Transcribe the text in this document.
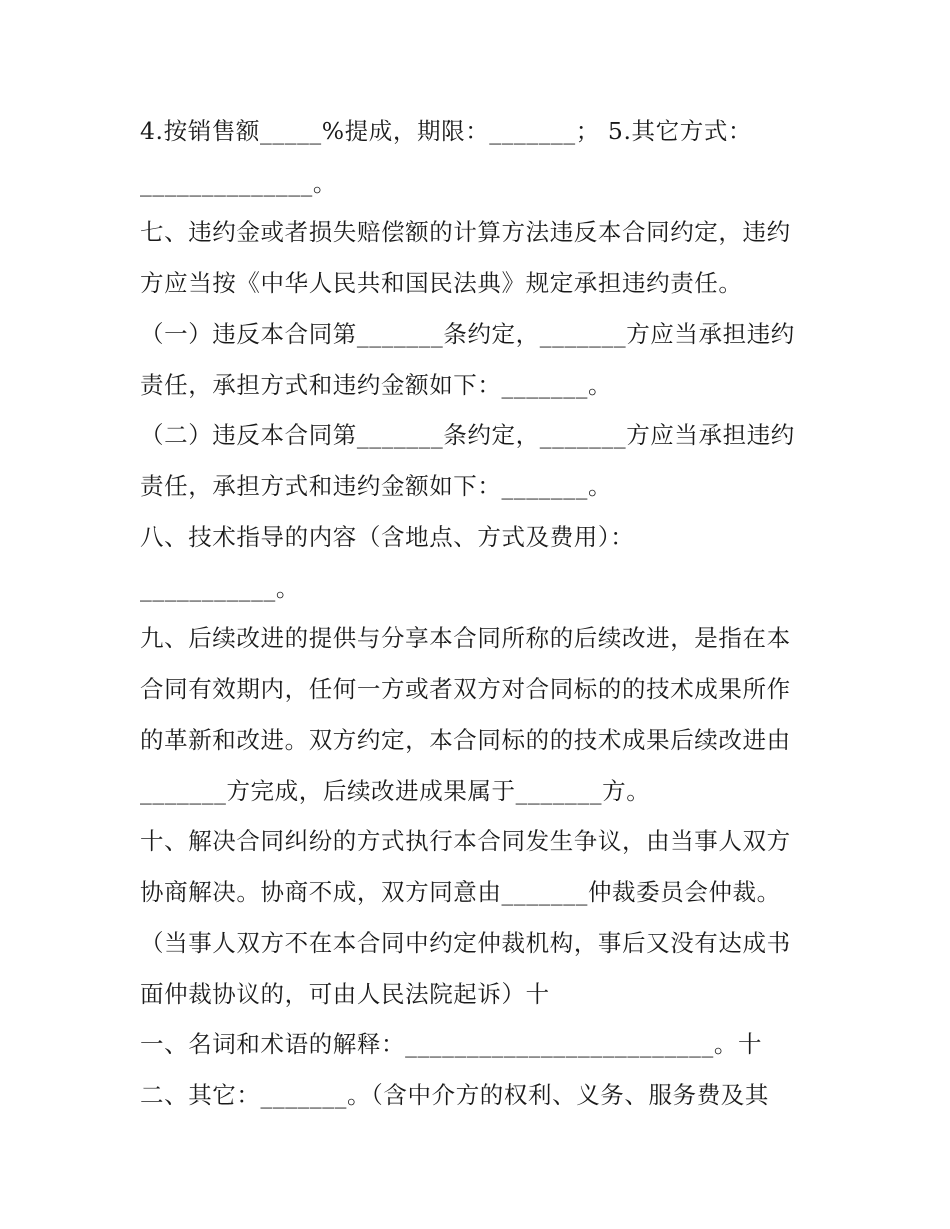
4.按销售额_____%提成，期限：_______； 5.其它方式：
______________。
七、违约金或者损失赔偿额的计算方法违反本合同约定，违约
方应当按《中华人民共和国民法典》规定承担违约责任。
（一）违反本合同第_______条约定，_______方应当承担违约
责任，承担方式和违约金额如下：_______。
（二）违反本合同第_______条约定，_______方应当承担违约
责任，承担方式和违约金额如下：_______。
八、技术指导的内容（含地点、方式及费用）：
___________。
九、后续改进的提供与分享本合同所称的后续改进，是指在本
合同有效期内，任何一方或者双方对合同标的的技术成果所作
的革新和改进。双方约定，本合同标的的技术成果后续改进由
_______方完成，后续改进成果属于_______方。
十、解决合同纠纷的方式执行本合同发生争议，由当事人双方
协商解决。协商不成，双方同意由_______仲裁委员会仲裁。
（当事人双方不在本合同中约定仲裁机构，事后又没有达成书
面仲裁协议的，可由人民法院起诉）十
一、名词和术语的解释：_________________________。十
二、其它：_______。（含中介方的权利、义务、服务费及其
